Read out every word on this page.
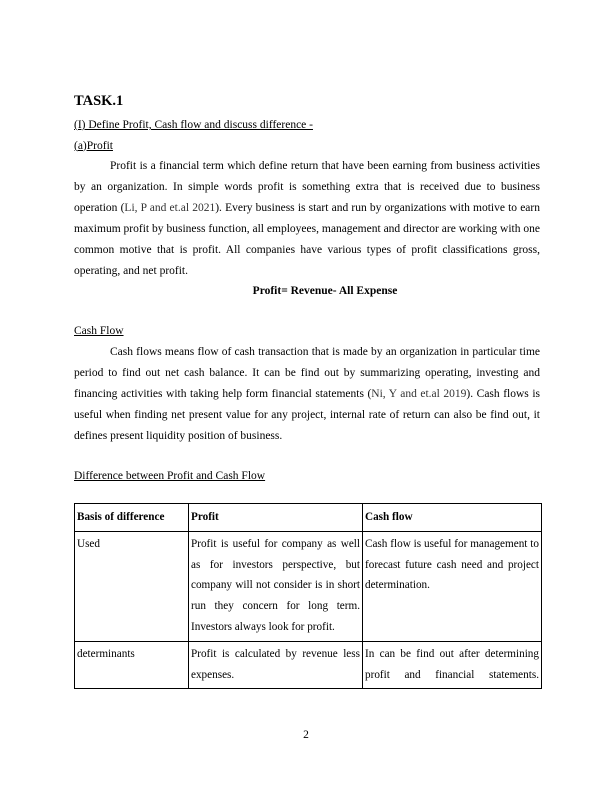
TASK.1
(I) Define Profit, Cash flow and discuss difference -
(a)Profit

Profit is a financial term which define return that have been earning from business activities by an organization. In simple words profit is something extra that is received due to business operation (Li, P and et.al 2021). Every business is start and run by organizations with motive to earn maximum profit by business function, all employees, management and director are working with one common motive that is profit. All companies have various types of profit classifications gross, operating, and net profit.

Profit= Revenue- All Expense
Cash Flow

Cash flows means flow of cash transaction that is made by an organization in particular time period to find out net cash balance. It can be find out by summarizing operating, investing and financing activities with taking help form financial statements (Ni, Y and et.al 2019). Cash flows is useful when finding net present value for any project, internal rate of return can also be find out, it defines present liquidity position of business.

Difference between Profit and Cash Flow
Basis of difference	Profit	Cash flow
Used	Profit is useful for company as well as for investors perspective, but company will not consider is in short run they concern for long term. Investors always look for profit.	Cash flow is useful for management to forecast future cash need and project determination.
determinants	Profit is calculated by revenue less expenses.	In can be find out after determining profit and financial statements.
2
